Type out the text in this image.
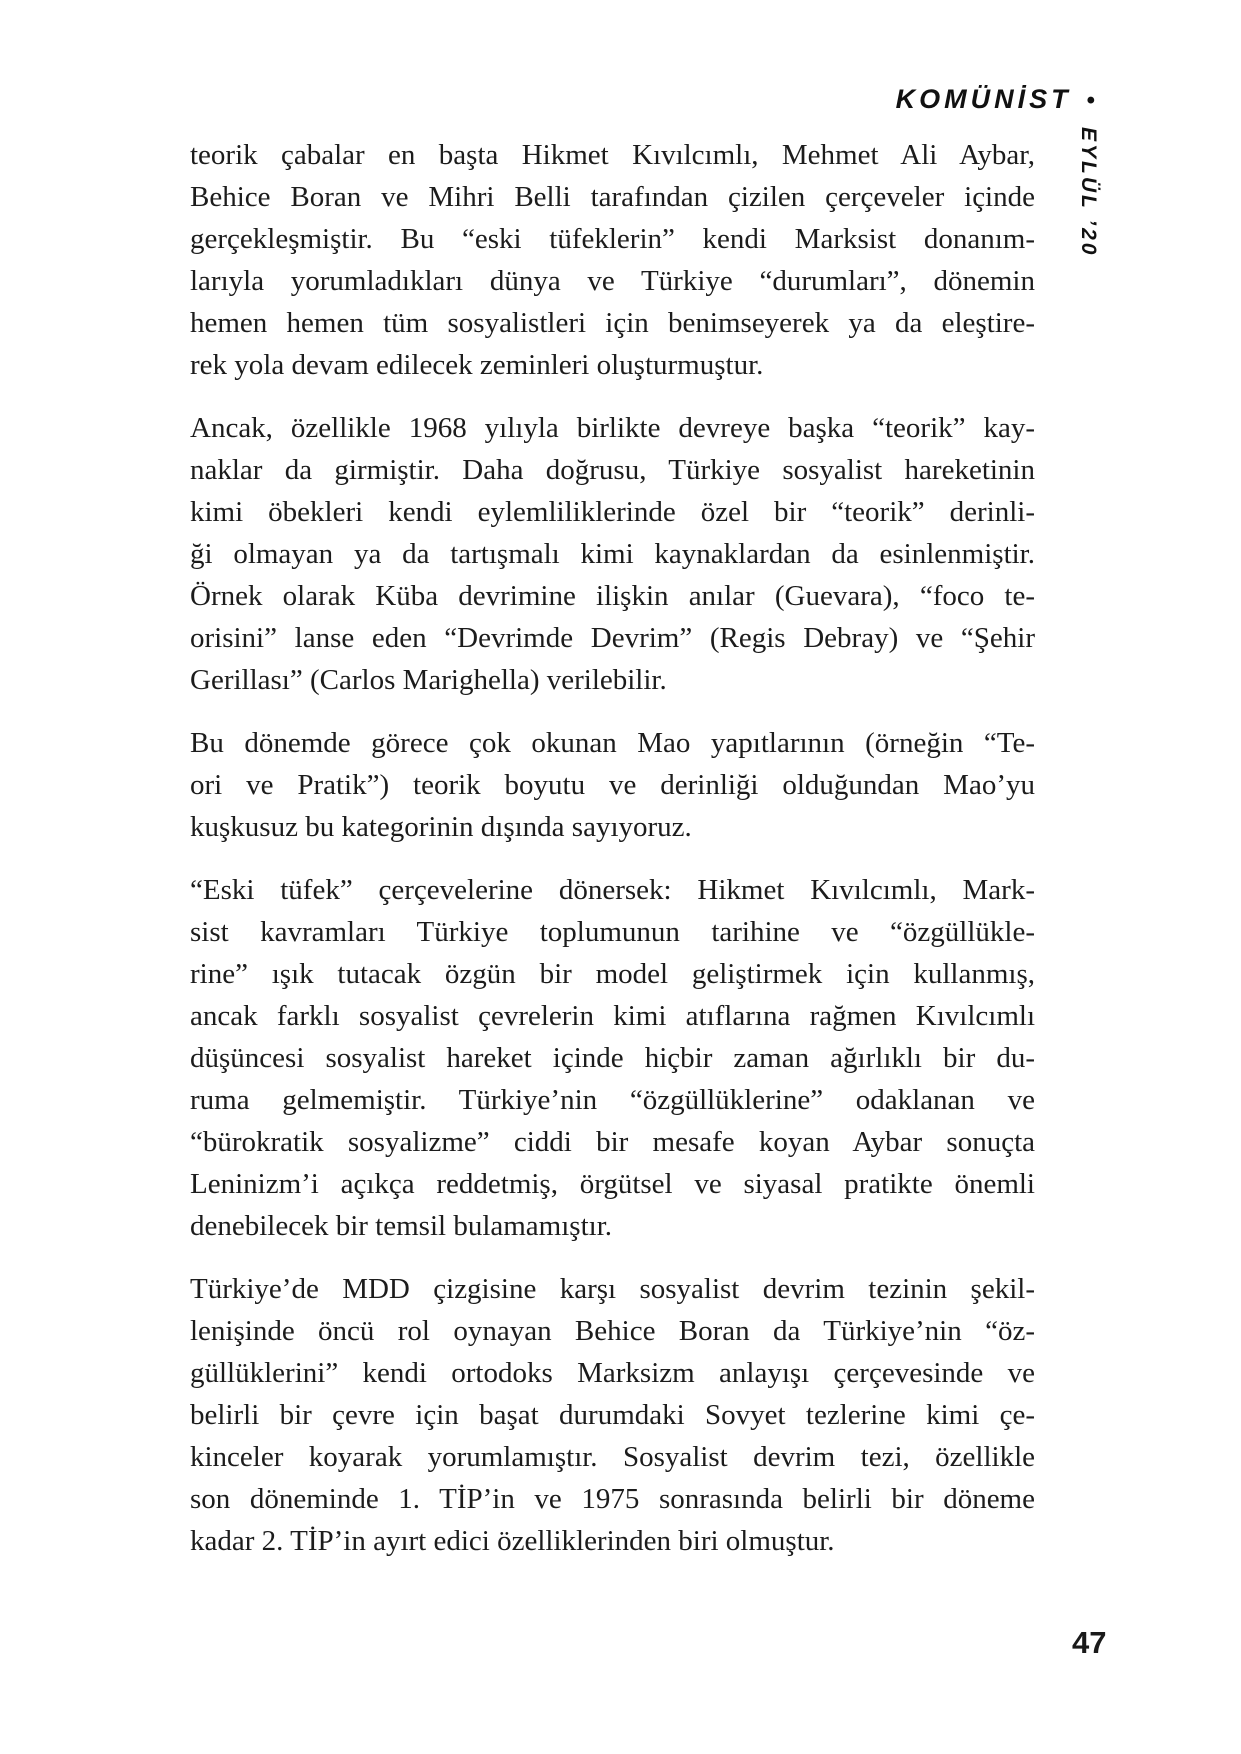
KOMÜNİST •
EYLÜL ’20
teorik çabalar en başta Hikmet Kıvılcımlı, Mehmet Ali Aybar,
Behice Boran ve Mihri Belli tarafından çizilen çerçeveler içinde
gerçekleşmiştir. Bu “eski tüfeklerin” kendi Marksist donanım-
larıyla yorumladıkları dünya ve Türkiye “durumları”, dönemin
hemen hemen tüm sosyalistleri için benimseyerek ya da eleştire-
rek yola devam edilecek zeminleri oluşturmuştur.
Ancak, özellikle 1968 yılıyla birlikte devreye başka “teorik” kay-
naklar da girmiştir. Daha doğrusu, Türkiye sosyalist hareketinin
kimi öbekleri kendi eylemliliklerinde özel bir “teorik” derinli-
ği olmayan ya da tartışmalı kimi kaynaklardan da esinlenmiştir.
Örnek olarak Küba devrimine ilişkin anılar (Guevara), “foco te-
orisini” lanse eden “Devrimde Devrim” (Regis Debray) ve “Şehir
Gerillası” (Carlos Marighella) verilebilir.
Bu dönemde görece çok okunan Mao yapıtlarının (örneğin “Te-
ori ve Pratik”) teorik boyutu ve derinliği olduğundan Mao’yu
kuşkusuz bu kategorinin dışında sayıyoruz.
“Eski tüfek” çerçevelerine dönersek: Hikmet Kıvılcımlı, Mark-
sist kavramları Türkiye toplumunun tarihine ve “özgüllükle-
rine” ışık tutacak özgün bir model geliştirmek için kullanmış,
ancak farklı sosyalist çevrelerin kimi atıflarına rağmen Kıvılcımlı
düşüncesi sosyalist hareket içinde hiçbir zaman ağırlıklı bir du-
ruma gelmemiştir. Türkiye’nin “özgüllüklerine” odaklanan ve
“bürokratik sosyalizme” ciddi bir mesafe koyan Aybar sonuçta
Leninizm’i açıkça reddetmiş, örgütsel ve siyasal pratikte önemli
denebilecek bir temsil bulamamıştır.
Türkiye’de MDD çizgisine karşı sosyalist devrim tezinin şekil-
lenişinde öncü rol oynayan Behice Boran da Türkiye’nin “öz-
güllüklerini” kendi ortodoks Marksizm anlayışı çerçevesinde ve
belirli bir çevre için başat durumdaki Sovyet tezlerine kimi çe-
kinceler koyarak yorumlamıştır. Sosyalist devrim tezi, özellikle
son döneminde 1. TİP’in ve 1975 sonrasında belirli bir döneme
kadar 2. TİP’in ayırt edici özelliklerinden biri olmuştur.
47
